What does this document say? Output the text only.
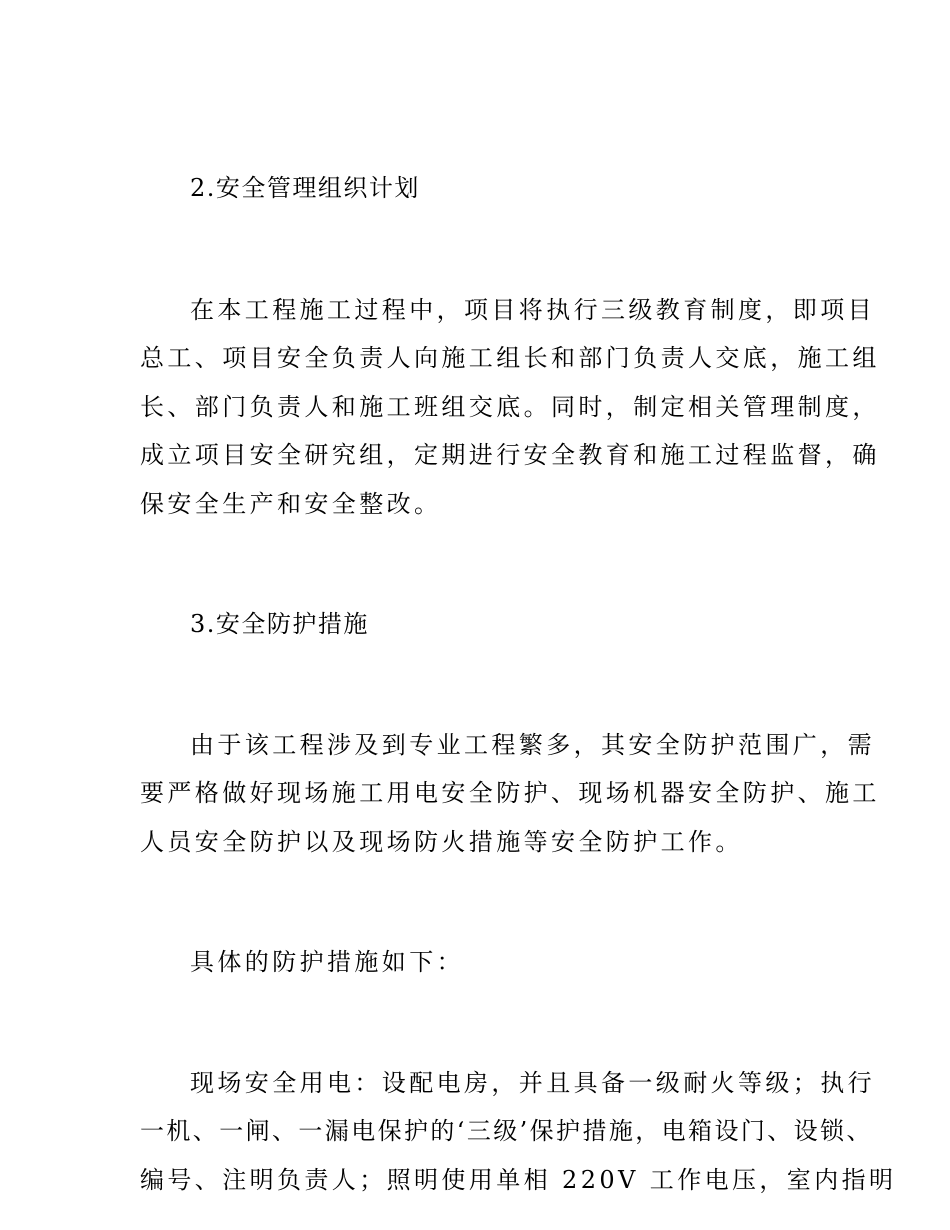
2.安全管理组织计划
在本工程施工过程中，项目将执行三级教育制度，即项目
总工、项目安全负责人向施工组长和部门负责人交底，施工组
长、部门负责人和施工班组交底。同时，制定相关管理制度，
成立项目安全研究组，定期进行安全教育和施工过程监督，确
保安全生产和安全整改。
3.安全防护措施
由于该工程涉及到专业工程繁多，其安全防护范围广，需
要严格做好现场施工用电安全防护、现场机器安全防护、施工
人员安全防护以及现场防火措施等安全防护工作。
具体的防护措施如下：
现场安全用电：设配电房，并且具备一级耐火等级；执行
一机、一闸、一漏电保护的‘三级’保护措施，电箱设门、设锁、
编号、注明负责人；照明使用单相 220V 工作电压，室内指明
